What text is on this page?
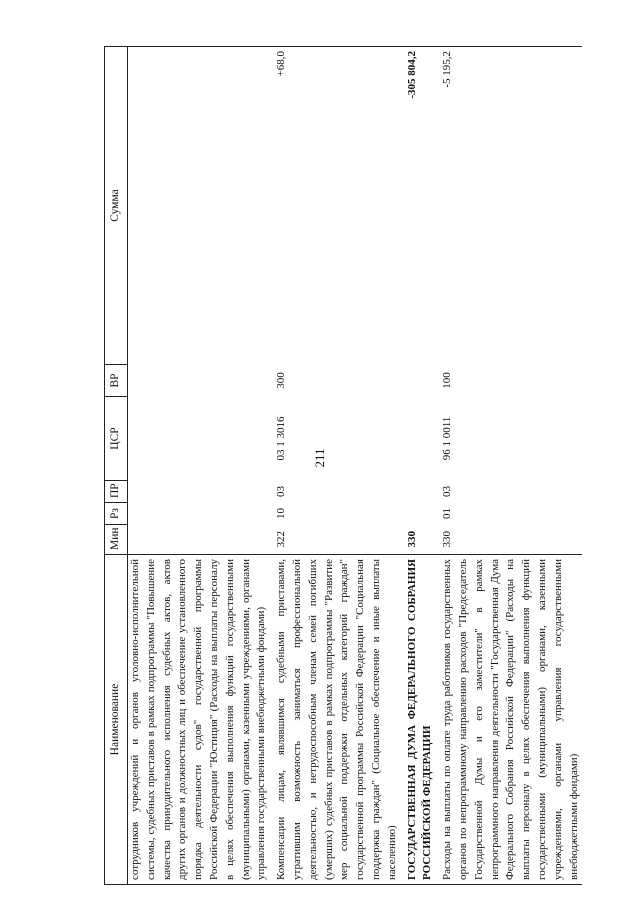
211
Наименование	Мин	Рз	ПР	ЦСР	ВР	Сумма
сотрудников учреждений и органов уголовно-исполнительной системы, судебных приставов в рамках подпрограммы "Повышение качества принудительного исполнения судебных актов, актов других органов и должностных лиц и обеспечение установленного порядка деятельности судов" государственной программы Российской Федерации "Юстиция" (Расходы на выплаты персоналу в целях обеспечения выполнения функций государственными (муниципальными) органами, казенными учреждениями, органами управления государственными внебюджетными фондами)						

Компенсации лицам, являвшимся судебными приставами, утратившим возможность заниматься профессиональной деятельностью, и нетрудоспособным членам семей погибших (умерших) судебных приставов в рамках подпрограммы "Развитие мер социальной поддержки отдельных категорий граждан" государственной программы Российской Федерации "Социальная поддержка граждан" (Социальное обеспечение и иные выплаты населению)	322	10	03	03 1 3016	300	+68,0

ГОСУДАРСТВЕННАЯ ДУМА ФЕДЕРАЛЬНОГО СОБРАНИЯ РОССИЙСКОЙ ФЕДЕРАЦИИ	330					-305 804,2

Расходы на выплаты по оплате труда работников государственных органов по непрограммному направлению расходов "Председатель Государственной Думы и его заместители" в рамках непрограммного направления деятельности "Государственная Дума Федерального Собрания Российской Федерации" (Расходы на выплаты персоналу в целях обеспечения выполнения функций государственными (муниципальными) органами, казенными учреждениями, органами управления государственными внебюджетными фондами)	330	01	03	96 1 0011	100	-5 195,2
